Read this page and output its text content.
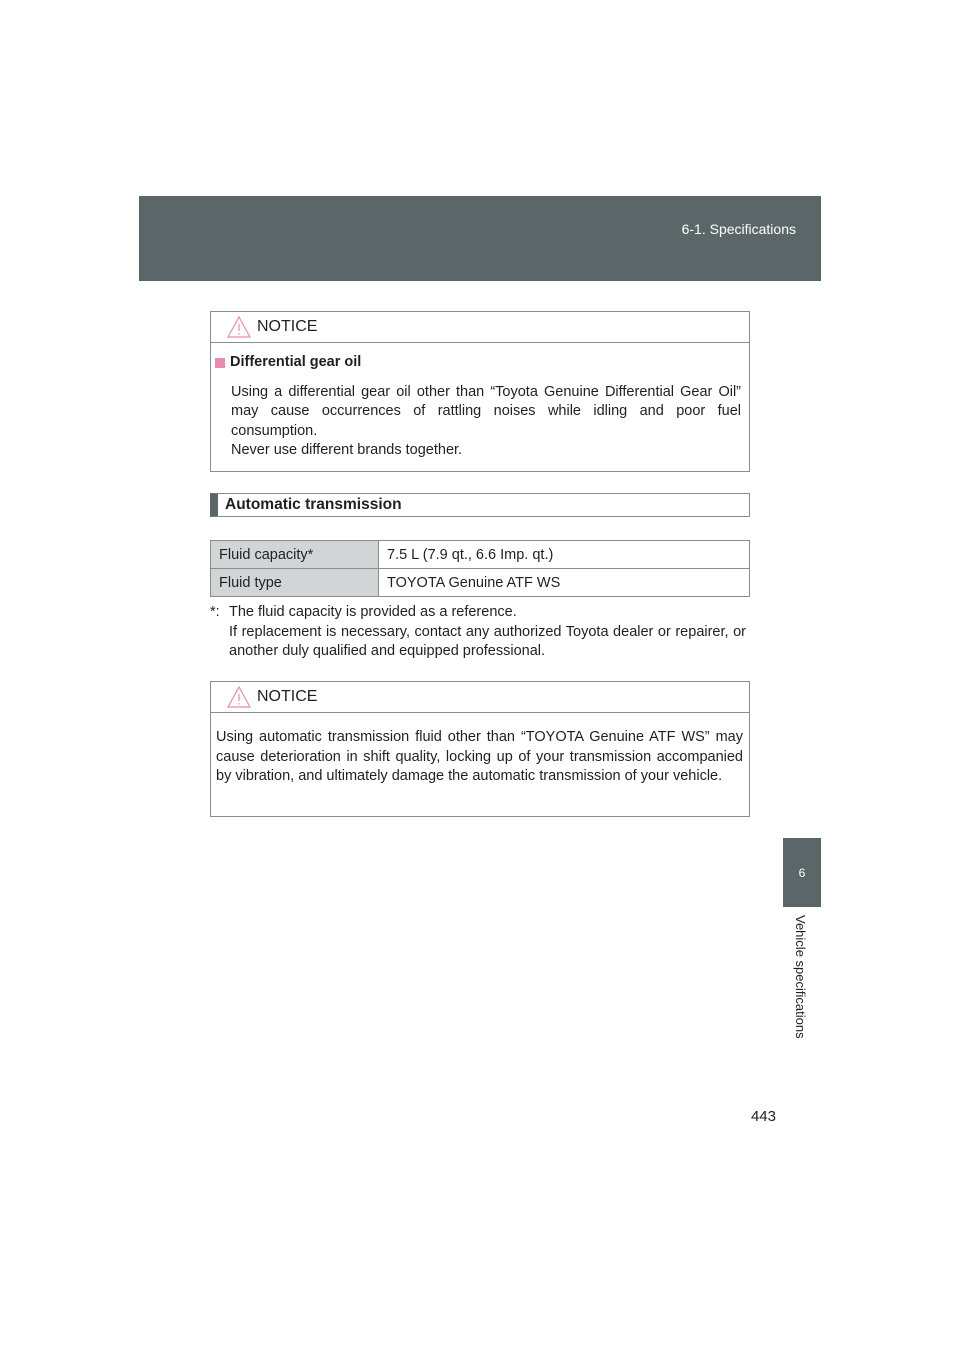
6-1. Specifications
6
Vehicle specifications
NOTICE
Differential gear oil
Using a differential gear oil other than “Toyota Genuine Differential Gear Oil” may cause occurrences of rattling noises while idling and poor fuel consumption.
Never use different brands together.
Automatic transmission
Fluid capacity*	7.5 L (7.9 qt., 6.6 Imp. qt.)
Fluid type	TOYOTA Genuine ATF WS
*: The fluid capacity is provided as a reference.
If replacement is necessary, contact any authorized Toyota dealer or repairer, or another duly qualified and equipped professional.
NOTICE
Using automatic transmission fluid other than “TOYOTA Genuine ATF WS” may cause deterioration in shift quality, locking up of your transmission accompanied by vibration, and ultimately damage the automatic transmission of your vehicle.
443
